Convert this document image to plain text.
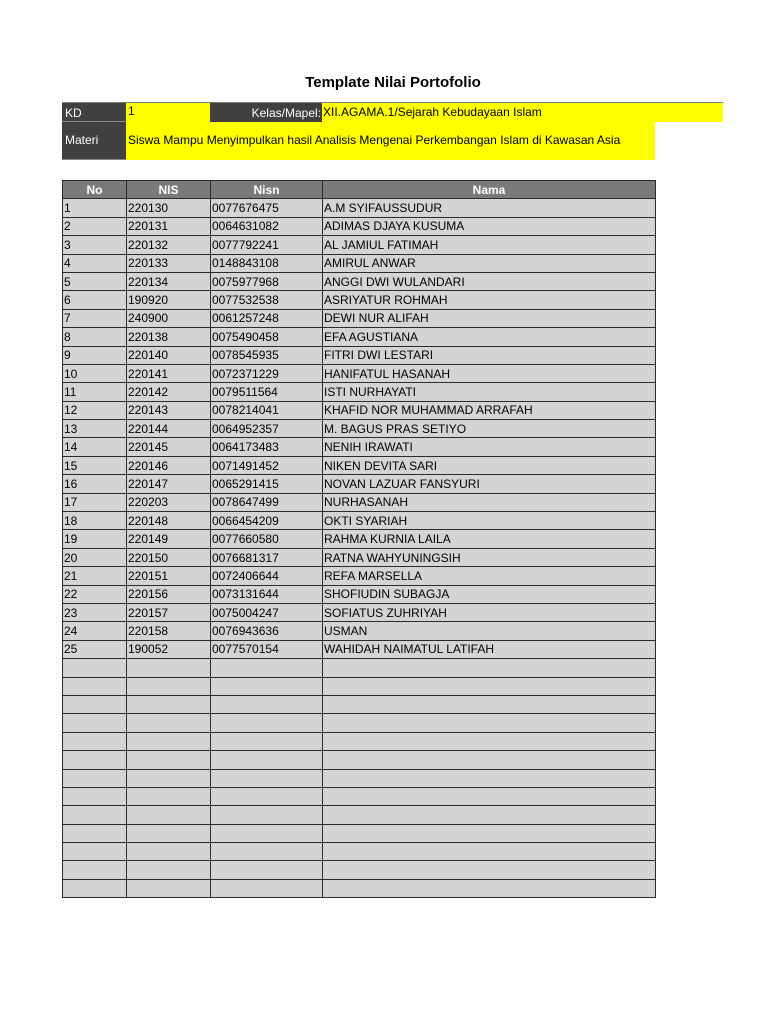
Template Nilai Portofolio
KD	1	Kelas/Mapel: XII.AGAMA.1/Sejarah Kebudayaan Islam
Materi	Siswa Mampu Menyimpulkan hasil Analisis Mengenai Perkembangan Islam di Kawasan Asia
No	NIS	Nisn	Nama
1	220130	0077676475	A.M SYIFAUSSUDUR
2	220131	0064631082	ADIMAS DJAYA KUSUMA
3	220132	0077792241	AL JAMIUL FATIMAH
4	220133	0148843108	AMIRUL ANWAR
5	220134	0075977968	ANGGI DWI WULANDARI
6	190920	0077532538	ASRIYATUR ROHMAH
7	240900	0061257248	DEWI NUR ALIFAH
8	220138	0075490458	EFA AGUSTIANA
9	220140	0078545935	FITRI DWI LESTARI
10	220141	0072371229	HANIFATUL HASANAH
11	220142	0079511564	ISTI NURHAYATI
12	220143	0078214041	KHAFID NOR MUHAMMAD ARRAFAH
13	220144	0064952357	M. BAGUS PRAS SETIYO
14	220145	0064173483	NENIH IRAWATI
15	220146	0071491452	NIKEN DEVITA SARI
16	220147	0065291415	NOVAN LAZUAR FANSYURI
17	220203	0078647499	NURHASANAH
18	220148	0066454209	OKTI SYARIAH
19	220149	0077660580	RAHMA KURNIA LAILA
20	220150	0076681317	RATNA WAHYUNINGSIH
21	220151	0072406644	REFA MARSELLA
22	220156	0073131644	SHOFIUDIN SUBAGJA
23	220157	0075004247	SOFIATUS ZUHRIYAH
24	220158	0076943636	USMAN
25	190052	0077570154	WAHIDAH NAIMATUL LATIFAH
